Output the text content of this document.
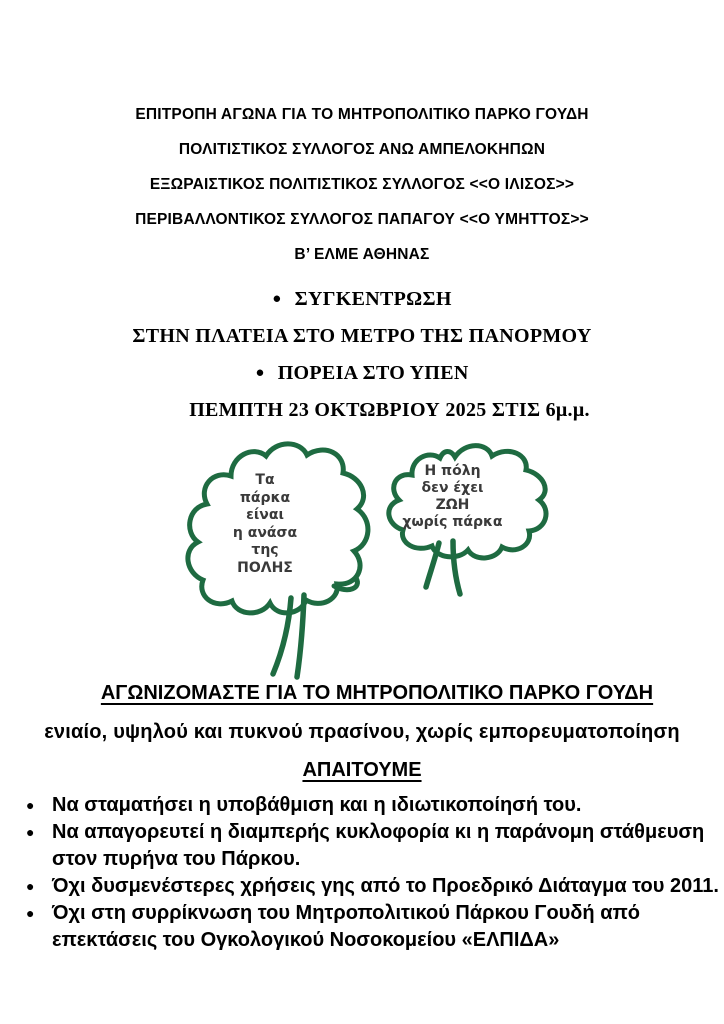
ΕΠΙΤΡΟΠΗ ΑΓΩΝΑ ΓΙΑ ΤΟ ΜΗΤΡΟΠΟΛΙΤΙΚΟ ΠΑΡΚΟ ΓΟΥΔΗ
ΠΟΛΙΤΙΣΤΙΚΟΣ ΣΥΛΛΟΓΟΣ ΑΝΩ ΑΜΠΕΛΟΚΗΠΩΝ
ΕΞΩΡΑΙΣΤΙΚΟΣ ΠΟΛΙΤΙΣΤΙΚΟΣ ΣΥΛΛΟΓΟΣ <<Ο ΙΛΙΣΟΣ>>
ΠΕΡΙΒΑΛΛΟΝΤΙΚΟΣ ΣΥΛΛΟΓΟΣ ΠΑΠΑΓΟΥ <<Ο ΥΜΗΤΤΟΣ>>
Β’ ΕΛΜΕ ΑΘΗΝΑΣ
● ΣΥΓΚΕΝΤΡΩΣΗ
ΣΤΗΝ ΠΛΑΤΕΙΑ ΣΤΟ ΜΕΤΡΟ ΤΗΣ ΠΑΝΟΡΜΟΥ
● ΠΟΡΕΙΑ ΣΤΟ ΥΠΕΝ
ΠΕΜΠΤΗ 23 ΟΚΤΩΒΡΙΟΥ 2025 ΣΤΙΣ 6μ.μ.
Τα
πάρκα
είναι
η ανάσα
της
ΠΟΛΗΣ
Η πόλη
δεν έχει
ΖΩΗ
χωρίς πάρκα
ΑΓΩΝΙΖΟΜΑΣΤΕ ΓΙΑ ΤΟ ΜΗΤΡΟΠΟΛΙΤΙΚΟ ΠΑΡΚΟ ΓΟΥΔΗ
ενιαίο, υψηλού και πυκνού πρασίνου, χωρίς εμπορευματοποίηση
ΑΠΑΙΤΟΥΜΕ
● Να σταματήσει η υποβάθμιση και η ιδιωτικοποίησή του.
● Να απαγορευτεί η διαμπερής κυκλοφορία κι η παράνομη στάθμευση
στον πυρήνα του Πάρκου.
● Όχι δυσμενέστερες χρήσεις γης από το Προεδρικό Διάταγμα του 2011.
● Όχι στη συρρίκνωση του Μητροπολιτικού Πάρκου Γουδή από
επεκτάσεις του Ογκολογικού Νοσοκομείου «ΕΛΠΙΔΑ»
